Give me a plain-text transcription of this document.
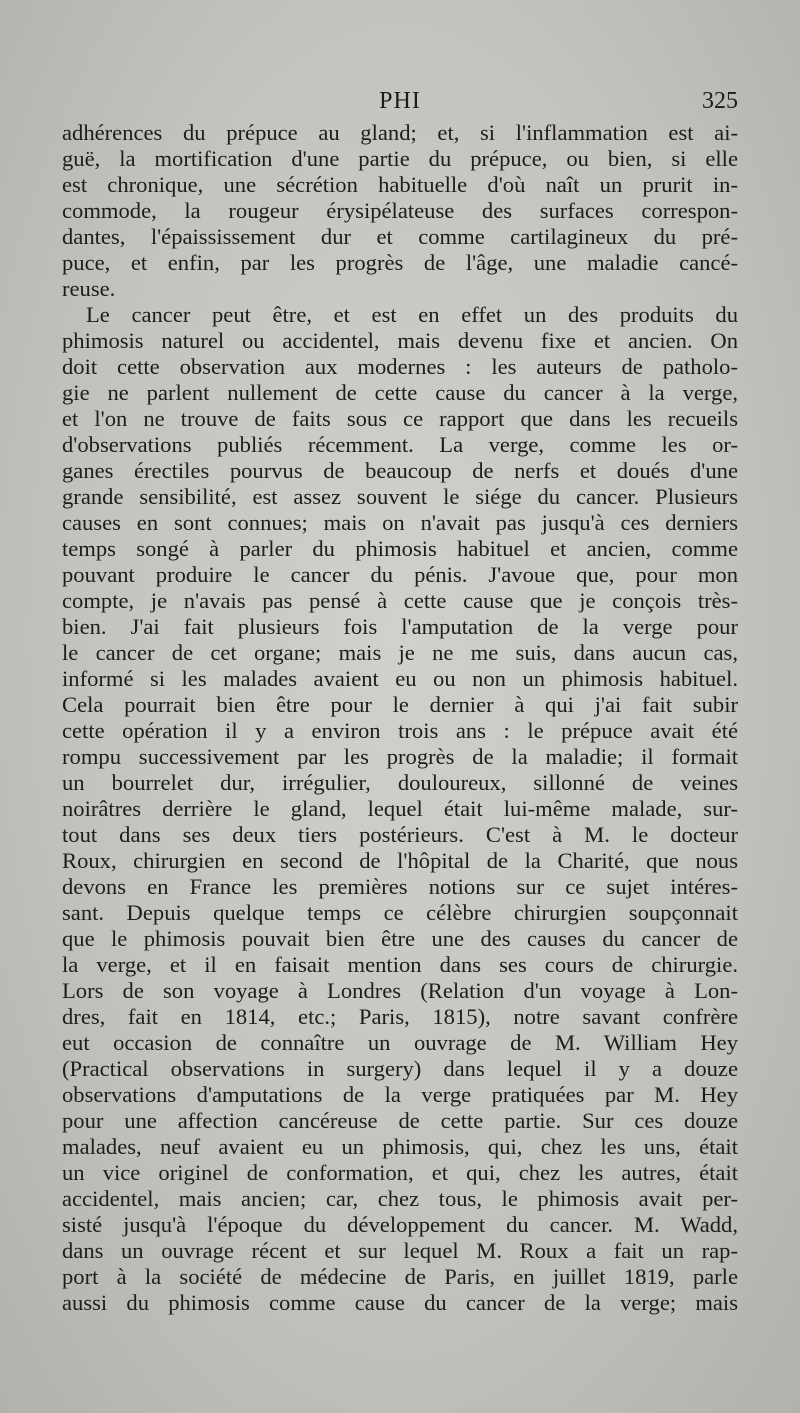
PHI	325
adhérences du prépuce au gland; et, si l'inflammation est ai-
guë, la mortification d'une partie du prépuce, ou bien, si elle
est chronique, une sécrétion habituelle d'où naît un prurit in-
commode, la rougeur érysipélateuse des surfaces correspon-
dantes, l'épaississement dur et comme cartilagineux du pré-
puce, et enfin, par les progrès de l'âge, une maladie cancé-
reuse.
Le cancer peut être, et est en effet un des produits du
phimosis naturel ou accidentel, mais devenu fixe et ancien. On
doit cette observation aux modernes : les auteurs de patholo-
gie ne parlent nullement de cette cause du cancer à la verge,
et l'on ne trouve de faits sous ce rapport que dans les recueils
d'observations publiés récemment. La verge, comme les or-
ganes érectiles pourvus de beaucoup de nerfs et doués d'une
grande sensibilité, est assez souvent le siége du cancer. Plusieurs
causes en sont connues; mais on n'avait pas jusqu'à ces derniers
temps songé à parler du phimosis habituel et ancien, comme
pouvant produire le cancer du pénis. J'avoue que, pour mon
compte, je n'avais pas pensé à cette cause que je conçois très-
bien. J'ai fait plusieurs fois l'amputation de la verge pour
le cancer de cet organe; mais je ne me suis, dans aucun cas,
informé si les malades avaient eu ou non un phimosis habituel.
Cela pourrait bien être pour le dernier à qui j'ai fait subir
cette opération il y a environ trois ans : le prépuce avait été
rompu successivement par les progrès de la maladie; il formait
un bourrelet dur, irrégulier, douloureux, sillonné de veines
noirâtres derrière le gland, lequel était lui-même malade, sur-
tout dans ses deux tiers postérieurs. C'est à M. le docteur
Roux, chirurgien en second de l'hôpital de la Charité, que nous
devons en France les premières notions sur ce sujet intéres-
sant. Depuis quelque temps ce célèbre chirurgien soupçonnait
que le phimosis pouvait bien être une des causes du cancer de
la verge, et il en faisait mention dans ses cours de chirurgie.
Lors de son voyage à Londres (Relation d'un voyage à Lon-
dres, fait en 1814, etc.; Paris, 1815), notre savant confrère
eut occasion de connaître un ouvrage de M. William Hey
(Practical observations in surgery) dans lequel il y a douze
observations d'amputations de la verge pratiquées par M. Hey
pour une affection cancéreuse de cette partie. Sur ces douze
malades, neuf avaient eu un phimosis, qui, chez les uns, était
un vice originel de conformation, et qui, chez les autres, était
accidentel, mais ancien; car, chez tous, le phimosis avait per-
sisté jusqu'à l'époque du développement du cancer. M. Wadd,
dans un ouvrage récent et sur lequel M. Roux a fait un rap-
port à la société de médecine de Paris, en juillet 1819, parle
aussi du phimosis comme cause du cancer de la verge; mais
